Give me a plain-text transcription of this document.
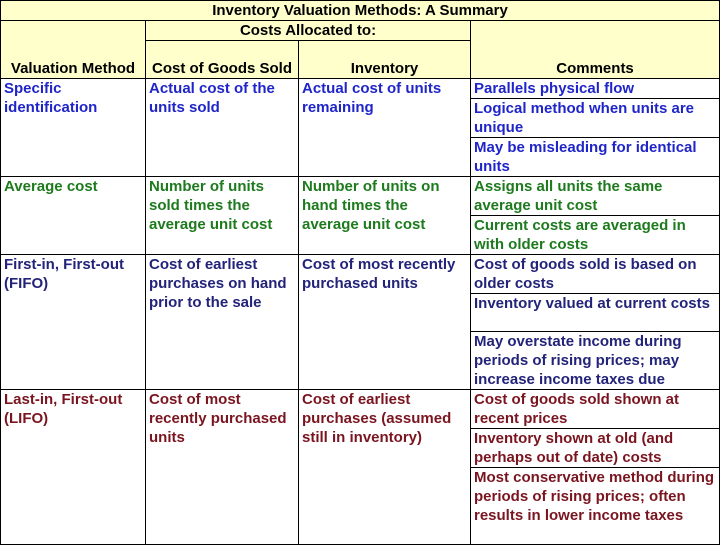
Inventory Valuation Methods: A Summary			
Valuation Method	Costs Allocated to:		Comments
	Cost of Goods Sold	Inventory	
Specific identification	Actual cost of the units sold	Actual cost of units remaining	Parallels physical flow
			Logical method when units are unique
			May be misleading for identical units
Average cost	Number of units sold times the average unit cost	Number of units on hand times the average unit cost	Assigns all units the same average unit cost
			Current costs are averaged in with older costs
First-in, First-out (FIFO)	Cost of earliest purchases on hand prior to the sale	Cost of most recently purchased units	Cost of goods sold is based on older costs
			Inventory valued at current costs
			May overstate income during periods of rising prices; may increase income taxes due
Last-in, First-out (LIFO)	Cost of most recently purchased units	Cost of earliest purchases (assumed still in inventory)	Cost of goods sold shown at recent prices
			Inventory shown at old (and perhaps out of date) costs
			Most conservative method during periods of rising prices; often results in lower income taxes
